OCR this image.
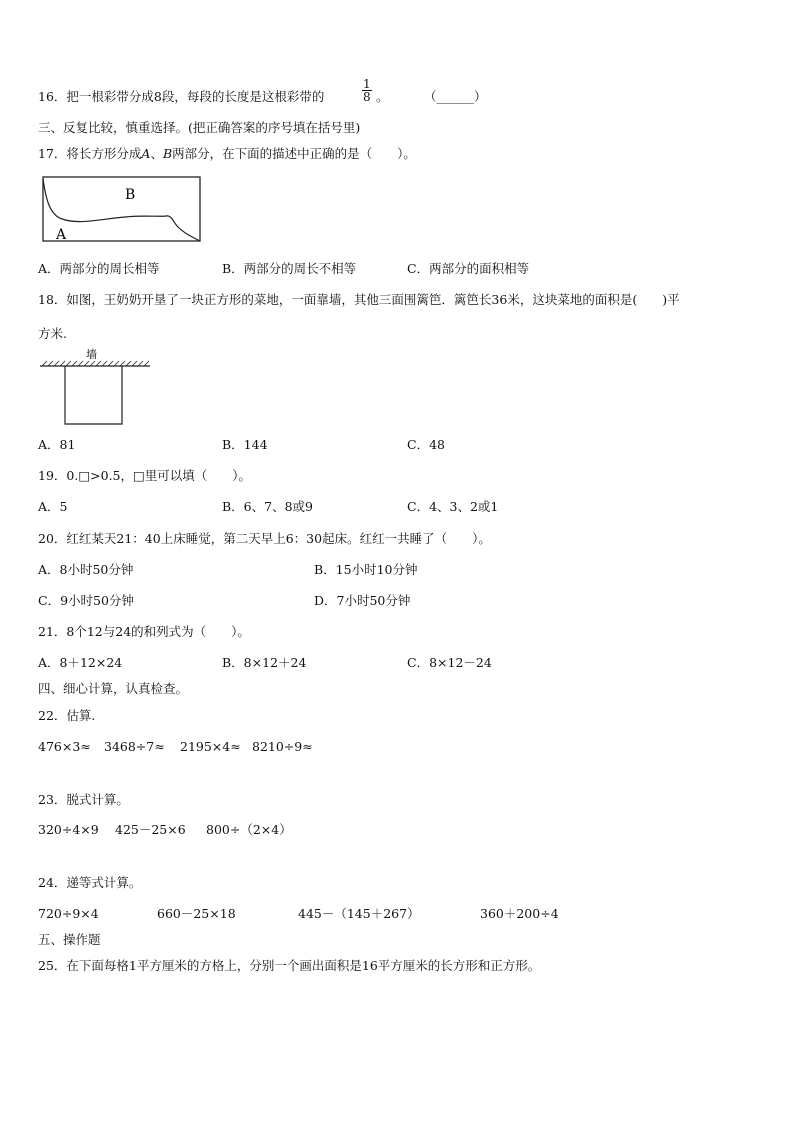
16．把一根彩带分成8段，每段的长度是这根彩带的	$\frac{1}{8}$ 。	（______）
三、反复比较，慎重选择。(把正确答案的序号填在括号里)
17．将长方形分成A、B两部分，在下面的描述中正确的是（　　）。
B
A
A．两部分的周长相等	B．两部分的周长不相等	C．两部分的面积相等
18．如图，王奶奶开垦了一块正方形的菜地，一面靠墙，其他三面围篱笆．篱笆长36米，这块菜地的面积是(　　)平
方米.
墙
A．81	B．144	C．48
19．0.□>0.5，□里可以填（　　）。
A．5	B．6、7、8或9	C．4、3、2或1
20．红红某天21：40上床睡觉，第二天早上6：30起床。红红一共睡了（　　）。
A．8小时50分钟	B．15小时10分钟
C．9小时50分钟	D．7小时50分钟
21．8个12与24的和列式为（　　）。
A．8＋12×24	B．8×12＋24	C．8×12－24
四、细心计算，认真检查。
22．估算.
476×3≈ 3468÷7≈ 2195×4≈ 8210÷9≈
23．脱式计算。
320÷4×9 425－25×6 800÷（2×4）
24．递等式计算。
720÷9×4	660－25×18	445－（145＋267）	360＋200÷4
五、操作题
25．在下面每格1平方厘米的方格上，分别一个画出面积是16平方厘米的长方形和正方形。
